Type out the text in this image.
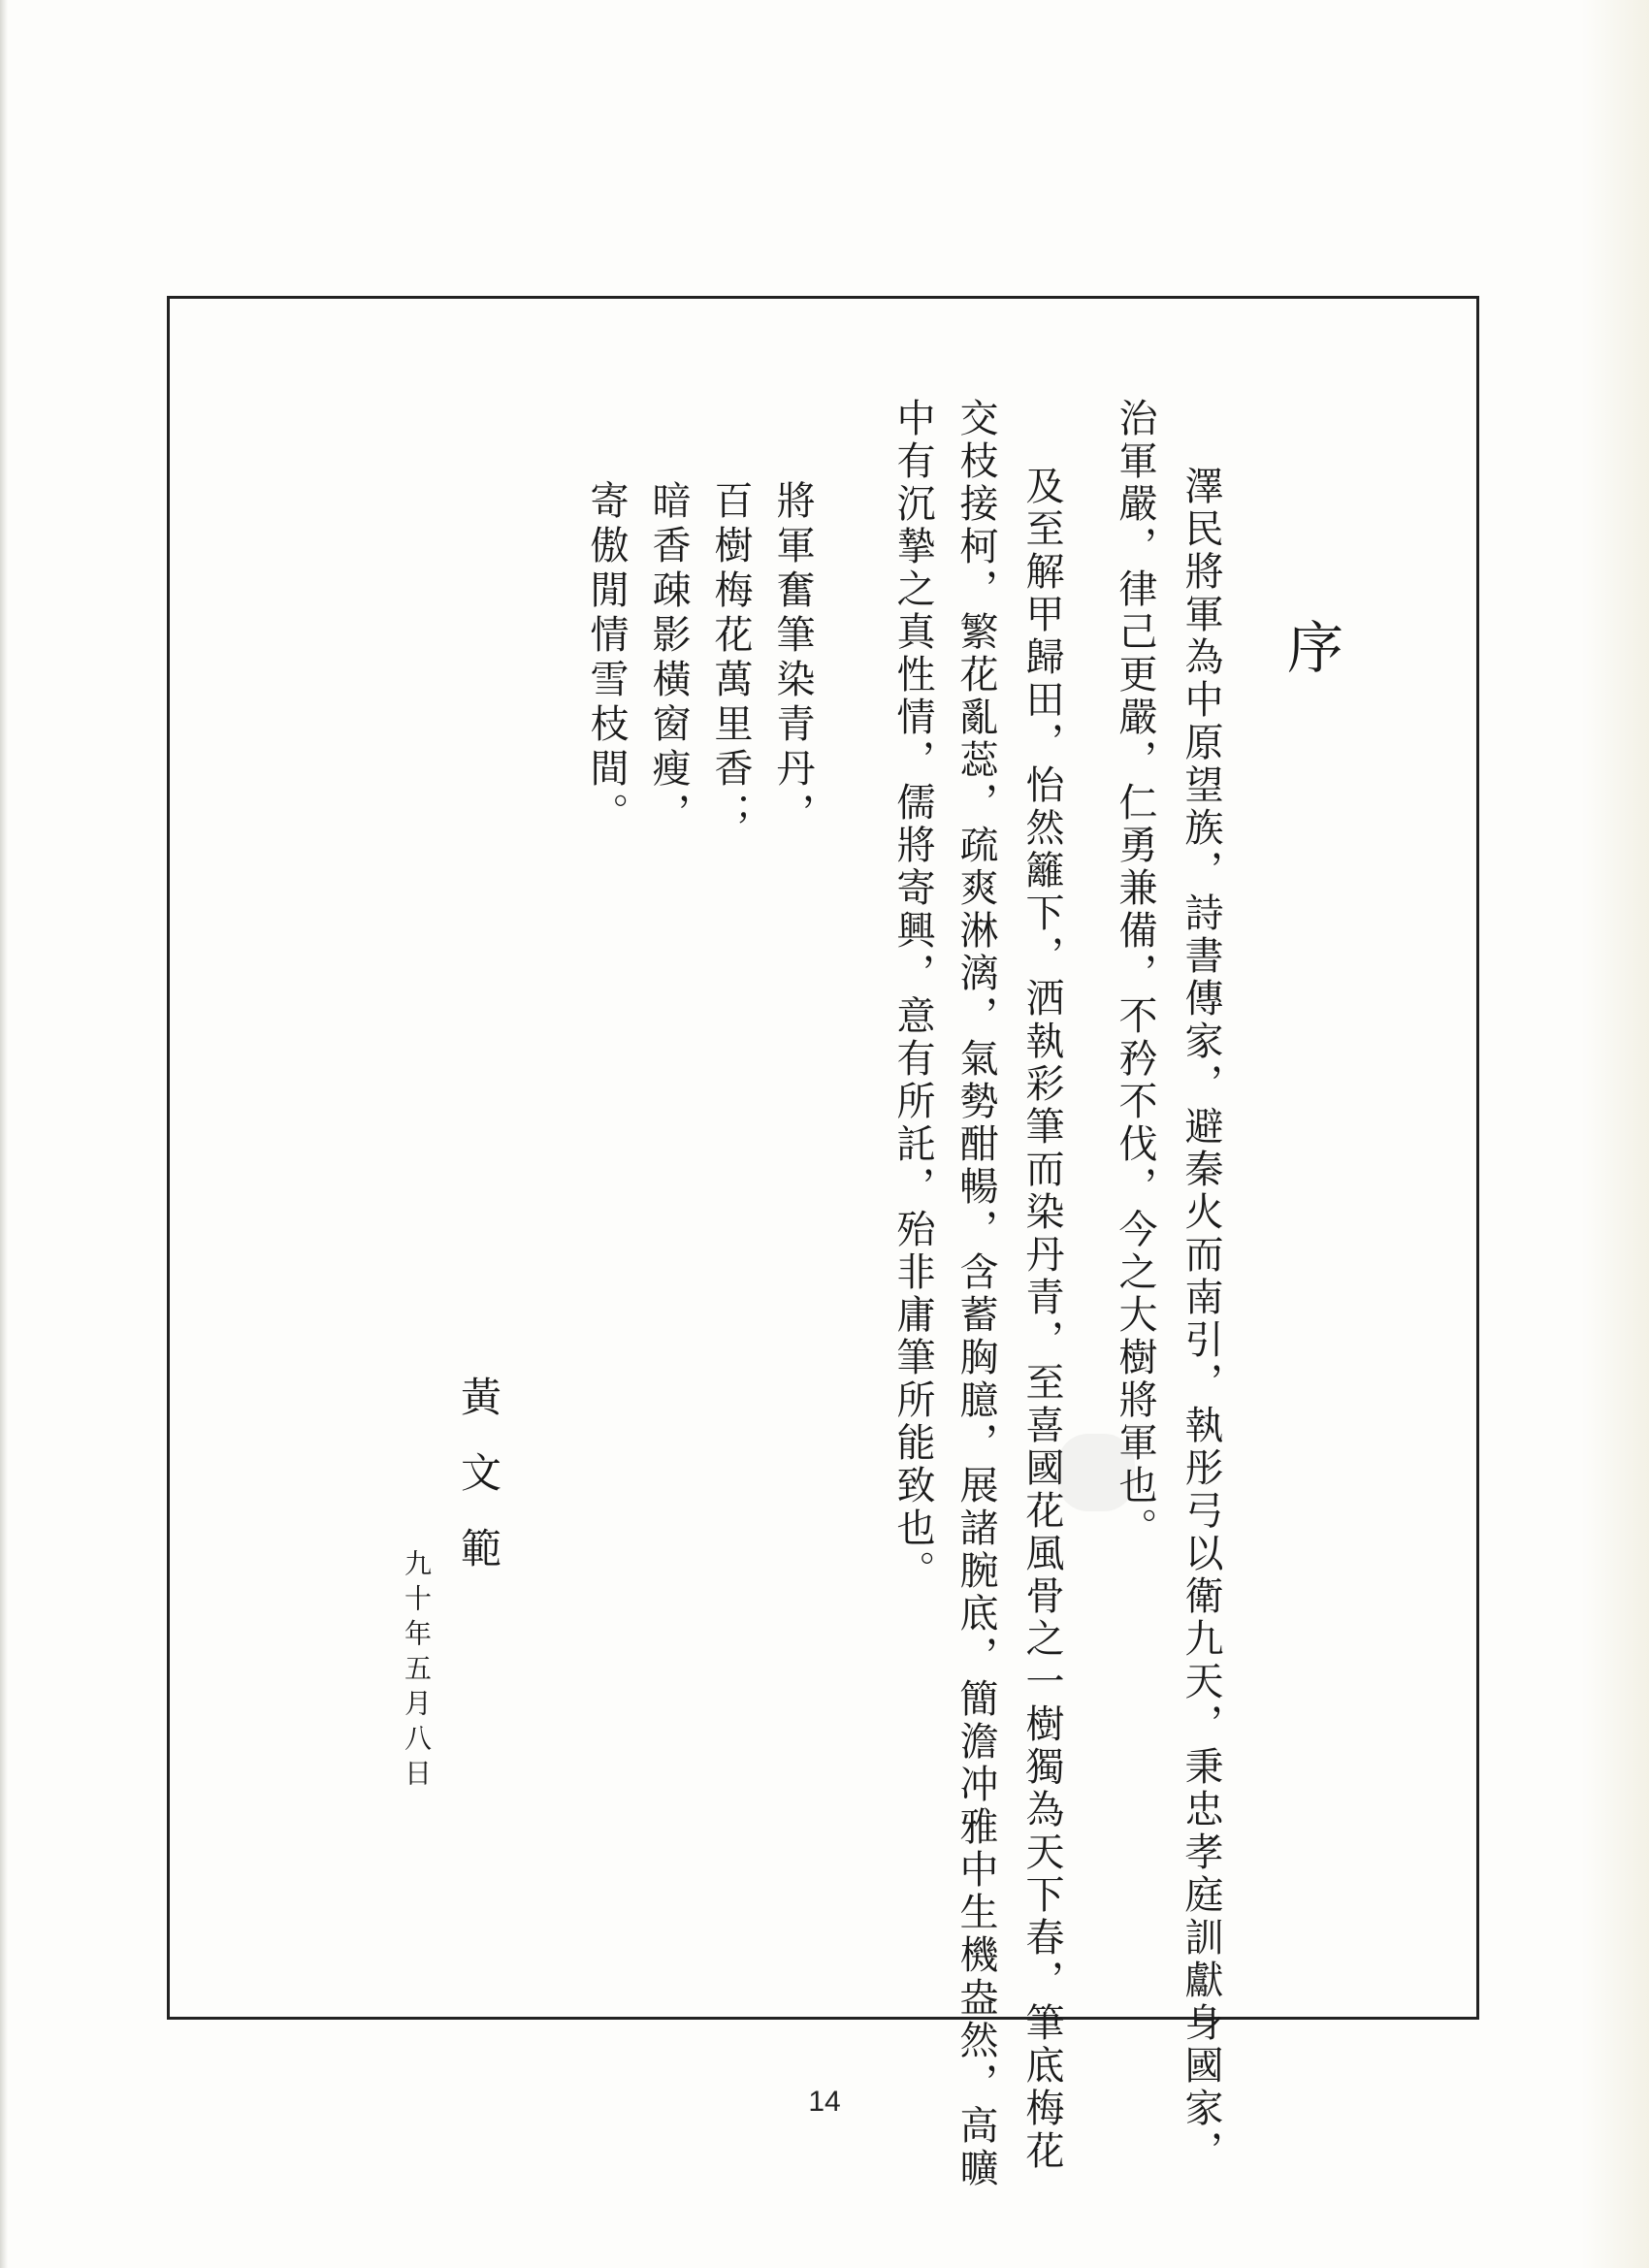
序
澤民將軍為中原望族，詩書傳家，避秦火而南引，執彤弓以衛九天，秉忠孝庭訓獻身國家，
治軍嚴，律己更嚴，仁勇兼備，不矜不伐，今之大樹將軍也。
及至解甲歸田，怡然籬下，洒執彩筆而染丹青，至喜國花風骨之一樹獨為天下春，筆底梅花
交枝接柯，繁花亂蕊，疏爽淋漓，氣勢酣暢，含蓄胸臆，展諸腕底，簡澹冲雅中生機盎然，高曠
中有沉摯之真性情，儒將寄興，意有所託，殆非庸筆所能致也。
將軍奮筆染青丹，
百樹梅花萬里香；
暗香疎影橫窗瘦，
寄傲閒情雪枝間。
黃文範
九十年五月八日
14
